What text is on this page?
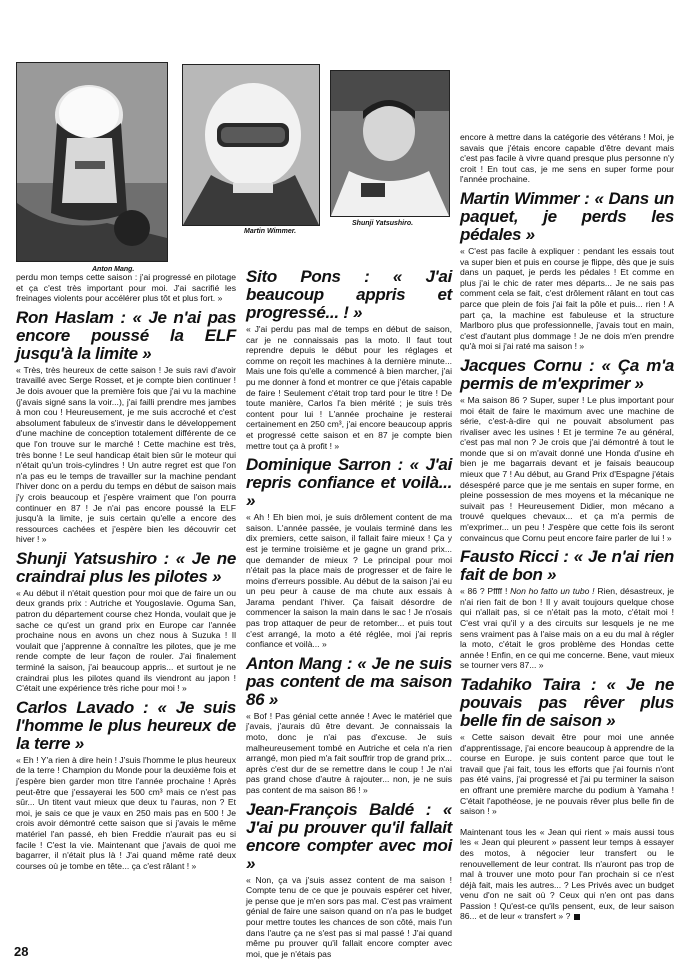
Anton Mang.
Martin Wimmer.
Shunji Yatsushiro.

perdu mon temps cette saison : j'ai progressé en pilotage et ça c'est très important pour moi. J'ai sacrifié les freinages violents pour accélérer plus tôt et plus fort. »

Ron Haslam : « Je n'ai pas encore poussé la ELF jusqu'à la limite »

« Très, très heureux de cette saison ! Je suis ravi d'avoir travaillé avec Serge Rosset, et je compte bien continuer ! Je dois avouer que la première fois que j'ai vu la machine (j'avais signé sans la voir...), j'ai failli prendre mes jambes à mon cou ! Heureusement, je me suis accroché et c'est absolument fabuleux de s'investir dans le développement d'une machine de conception totalement différente de ce que l'on trouve sur le marché ! Cette machine est très, très bonne ! Le seul handicap était bien sûr le moteur qui n'était qu'un trois-cylindres ! Un autre regret est que l'on n'a pas eu le temps de travailler sur la machine pendant l'hiver donc on a perdu du temps en début de saison mais j'y crois beaucoup et j'espère vraiment que l'on pourra continuer en 87 ! Je n'ai pas encore poussé la ELF jusqu'à la limite, je suis certain qu'elle a encore des ressources cachées et j'espère bien les découvrir cet hiver ! »

Shunji Yatsushiro : « Je ne craindrai plus les pilotes »

« Au début il n'était question pour moi que de faire un ou deux grands prix : Autriche et Yougoslavie. Oguma San, patron du département course chez Honda, voulait que je sache ce qu'est un grand prix en Europe car l'année prochaine nous en avons un chez nous à Suzuka ! Il voulait que j'apprenne à connaître les pilotes, que je me rende compte de leur façon de rouler. J'ai finalement terminé la saison, j'ai beaucoup appris... et surtout je ne craindrai plus les pilotes quand ils viendront au japon ! C'était une expérience très riche pour moi ! »

Carlos Lavado : « Je suis l'homme le plus heureux de la terre »

« Eh ! Y'a rien à dire hein ! J'suis l'homme le plus heureux de la terre ! Champion du Monde pour la deuxième fois et j'espère bien garder mon titre l'année prochaine ! Après peut-être que j'essayerai les 500 cm³ mais ce n'est pas sûr... Un titent vaut mieux que deux tu l'auras, non ? Et moi, je sais ce que je vaux en 250 mais pas en 500 ! Je crois avoir démontré cette saison que si j'avais le même matériel l'an passé, eh bien Freddie n'aurait pas eu si facile ! C'est la vie. Maintenant que j'avais de quoi me bagarrer, il n'était plus là ! J'ai quand même raté deux courses où je tombe en tête... ça c'est râlant ! »

Sito Pons : « J'ai beaucoup appris et progressé... ! »

« J'ai perdu pas mal de temps en début de saison, car je ne connaissais pas la moto. Il faut tout reprendre depuis le début pour les réglages et comme on reçoit les machines à la dernière minute... Mais une fois qu'elle a commencé à bien marcher, j'ai pu me donner à fond et montrer ce que j'étais capable de faire ! Seulement c'était trop tard pour le titre ! De toute manière, Carlos l'a bien mérité ; je suis très content pour lui ! L'année prochaine je resterai certainement en 250 cm³, j'ai encore beaucoup appris et progressé cette saison et en 87 je compte bien mettre tout ça à profit ! »

Dominique Sarron : « J'ai repris confiance et voilà... »

« Ah ! Eh bien moi, je suis drôlement content de ma saison. L'année passée, je voulais terminé dans les dix premiers, cette saison, il fallait faire mieux ! Ça y est je termine troisième et je gagne un grand prix... que demander de mieux ? Le principal pour moi n'était pas la place mais de progresser et de faire le moins d'erreurs possible. Au début de la saison j'ai eu un peu peur à cause de ma chute aux essais à Jarama pendant l'hiver. Ça faisait désordre de commencer la saison la main dans le sac ! Je n'osais pas trop attaquer de peur de retomber... et puis tout c'est arrangé, la moto a été réglée, moi j'ai repris confiance et voilà... »

Anton Mang : « Je ne suis pas content de ma saison 86 »

« Bof ! Pas génial cette année ! Avec le matériel que j'avais, j'aurais dû être devant. Je connaissais la moto, donc je n'ai pas d'excuse. Je suis malheureusement tombé en Autriche et cela n'a rien arrangé, mon pied m'a fait souffrir trop de grand prix... après c'est dur de se remettre dans le coup ! Je n'ai pas grand chose d'autre à rajouter... non, je ne suis pas content de ma saison 86 ! »

Jean-François Baldé : « J'ai pu prouver qu'il fallait encore compter avec moi »

« Non, ça va j'suis assez content de ma saison ! Compte tenu de ce que je pouvais espérer cet hiver, je pense que je m'en sors pas mal. C'est pas vraiment génial de faire une saison quand on n'a pas le budget pour mettre toutes les chances de son côté, mais l'un dans l'autre ça ne s'est pas si mal passé ! J'ai quand même pu prouver qu'il fallait encore compter avec moi, que je n'étais pas

encore à mettre dans la catégorie des vétérans ! Moi, je savais que j'étais encore capable d'être devant mais c'est pas facile à vivre quand presque plus personne n'y croit ! En tout cas, je me sens en super forme pour l'année prochaine.

Martin Wimmer : « Dans un paquet, je perds les pédales »

« C'est pas facile à expliquer : pendant les essais tout va super bien et puis en course je flippe, dès que je suis dans un paquet, je perds les pédales ! Et comme en plus j'ai le chic de rater mes départs... Je ne sais pas comment cela se fait, c'est drôlement râlant en tout cas parce que plein de fois j'ai fait la pôle et puis... rien ! A part ça, la machine est fabuleuse et la structure Marlboro plus que professionnelle, j'avais tout en main, c'est d'autant plus dommage ! Je ne dois m'en prendre qu'à moi si j'ai raté ma saison ! »

Jacques Cornu : « Ça m'a permis de m'exprimer »

« Ma saison 86 ? Super, super ! Le plus important pour moi était de faire le maximum avec une machine de série, c'est-à-dire qui ne pouvait absolument pas rivaliser avec les usines ! Et je termine 7e au général, c'est pas mal non ? Je crois que j'ai démontré à tout le monde que si on m'avait donné une Honda d'usine eh bien je me bagarrais devant et je faisais beaucoup mieux que 7 ! Au début, au Grand Prix d'Espagne j'étais désespéré parce que je me sentais en super forme, en pleine possession de mes moyens et la mécanique ne suivait pas ! Heureusement Didier, mon mécano a trouvé quelques chevaux... et ça m'a permis de m'exprimer... un peu ! J'espère que cette fois ils seront convaincus que Cornu peut encore faire parler de lui ! »

Fausto Ricci : « Je n'ai rien fait de bon »

« 86 ? Pffff ! Non ho fatto un tubo ! Rien, désastreux, je n'ai rien fait de bon ! Il y avait toujours quelque chose qui n'allait pas, si ce n'était pas la moto, c'était moi ! C'est vrai qu'il y a des circuits sur lesquels je ne me sens vraiment pas à l'aise mais on a eu du mal à régler la moto, c'était le gros problème des Hondas cette année ! Enfin, en ce qui me concerne. Bene, vaut mieux se tourner vers 87... »

Tadahiko Taira : « Je ne pouvais pas rêver plus belle fin de saison »

« Cette saison devait être pour moi une année d'apprentissage, j'ai encore beaucoup à apprendre de la course en Europe. je suis content parce que tout le travail que j'ai fait, tous les efforts que j'ai fournis n'ont pas été vains, j'ai progressé et j'ai pu terminer la saison en offrant une première marche du podium à Yamaha ! C'était l'apothéose, je ne pouvais rêver plus belle fin de saison ! »

Maintenant tous les « Jean qui rient » mais aussi tous les « Jean qui pleurent » passent leur temps à essayer des motos, à négocier leur transfert ou le renouvellement de leur contrat. Ils n'auront pas trop de mal à trouver une moto pour l'an prochain si ce n'est déjà fait, mais les autres... ? Les Privés avec un budget venu d'on ne sait où ? Ceux qui n'en ont pas dans Passion ! Qu'est-ce qu'ils pensent, eux, de leur saison 86... et de leur « transfert » ?

28
